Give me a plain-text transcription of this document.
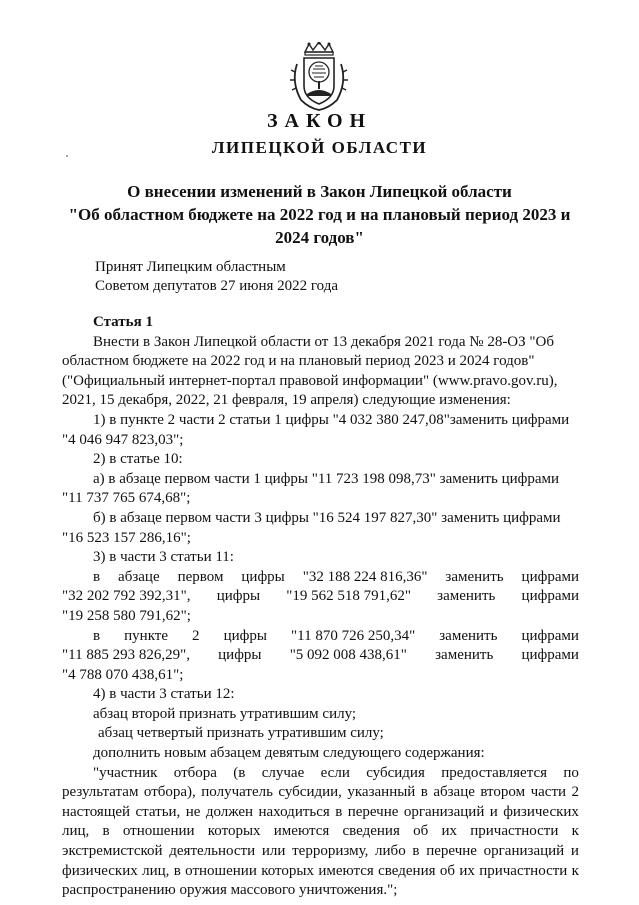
ЗАКОН
ЛИПЕЦКОЙ ОБЛАСТИ
О внесении изменений в Закон Липецкой области
"Об областном бюджете на 2022 год и на плановый период 2023 и
2024 годов"
Принят Липецким областным
Советом депутатов 27 июня 2022 года
Статья 1
Внести в Закон Липецкой области от 13 декабря 2021 года № 28-ОЗ "Об
областном бюджете на 2022 год и на плановый период 2023 и 2024 годов"
("Официальный интернет-портал правовой информации" (www.pravo.gov.ru),
2021, 15 декабря, 2022, 21 февраля, 19 апреля) следующие изменения:
1) в пункте 2 части 2 статьи 1 цифры "4 032 380 247,08"заменить цифрами
"4 046 947 823,03";
2) в статье 10:
а) в абзаце первом части 1 цифры "11 723 198 098,73" заменить цифрами
"11 737 765 674,68";
б) в абзаце первом части 3 цифры "16 524 197 827,30" заменить цифрами
"16 523 157 286,16";
3) в части 3 статьи 11:
в абзаце первом цифры "32 188 224 816,36" заменить цифрами
"32 202 792 392,31", цифры "19 562 518 791,62" заменить цифрами
"19 258 580 791,62";
в пункте 2 цифры "11 870 726 250,34" заменить цифрами
"11 885 293 826,29", цифры "5 092 008 438,61" заменить цифрами
"4 788 070 438,61";
4) в части 3 статьи 12:
абзац второй признать утратившим силу;
абзац четвертый признать утратившим силу;
дополнить новым абзацем девятым следующего содержания:
"участник отбора (в случае если субсидия предоставляется по
результатам отбора), получатель субсидии, указанный в абзаце втором части 2
настоящей статьи, не должен находиться в перечне организаций и физических
лиц, в отношении которых имеются сведения об их причастности к
экстремистской деятельности или терроризму, либо в перечне организаций и
физических лиц, в отношении которых имеются сведения об их причастности к
распространению оружия массового уничтожения.";
